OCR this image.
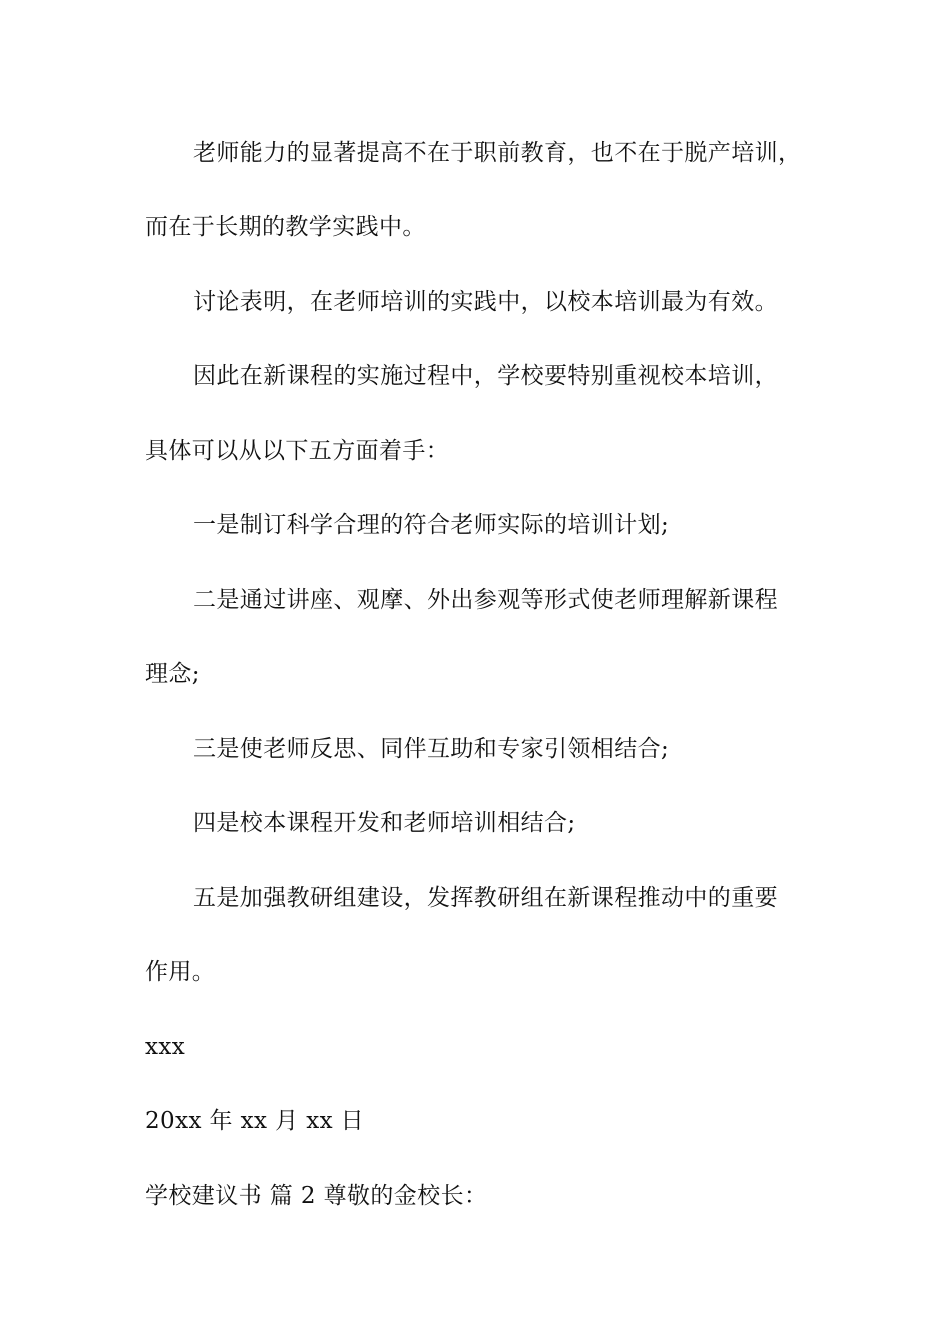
老师能力的显著提高不在于职前教育，也不在于脱产培训，
而在于长期的教学实践中。
讨论表明，在老师培训的实践中，以校本培训最为有效。
因此在新课程的实施过程中，学校要特别重视校本培训，
具体可以从以下五方面着手：
一是制订科学合理的符合老师实际的培训计划;
二是通过讲座、观摩、外出参观等形式使老师理解新课程
理念;
三是使老师反思、同伴互助和专家引领相结合;
四是校本课程开发和老师培训相结合;
五是加强教研组建设，发挥教研组在新课程推动中的重要
作用。
xxx
20xx 年 xx 月 xx 日
学校建议书 篇 2 尊敬的金校长：
